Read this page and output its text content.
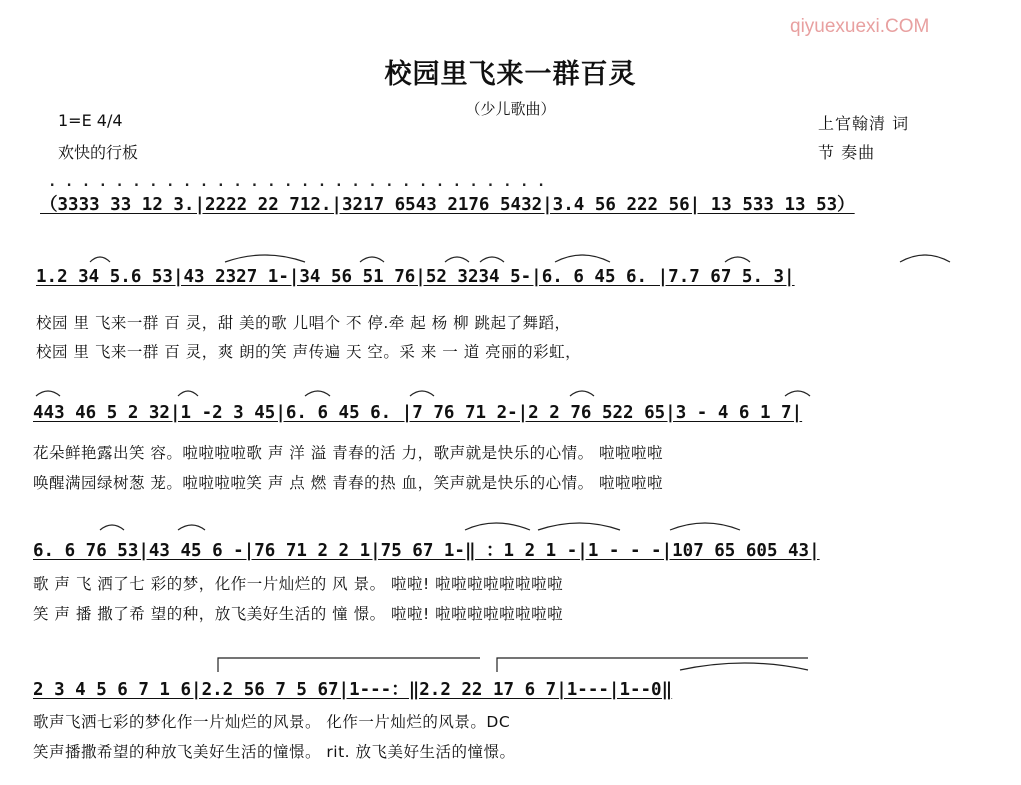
qiyuexuexi.COM
校园里飞来一群百灵
（少儿歌曲）
1=E 4/4
欢快的行板
上官翰清 词
节 奏曲
. . . . . . . . . . . . . . . . . . . . . . . . . . . . . .
（3333 33 12 3.|2222 22 712.|3217 6543 2176 5432|3.4 56 222 56| 13 533 13 53）
1.2 34 5.6 53|43 2327 1-|34 56 51 76|52 3234 5-|6. 6 45 6. |7.7 67 5. 3|
校园 里 飞来一群 百 灵，甜 美的歌 儿唱个 不 停.牵 起 杨 柳 跳起了舞蹈，
校园 里 飞来一群 百 灵，爽 朗的笑 声传遍 天 空。采 来 一 道 亮丽的彩虹，
443 46 5 2 32|1 -2 3 45|6. 6 45 6. |7 76 71 2-|2 2 76 522 65|3 - 4 6 1 7|
花朵鲜艳露出笑 容。啦啦啦啦歌 声 洋 溢 青春的活 力，歌声就是快乐的心情。 啦啦啦啦
唤醒满园绿树葱 茏。啦啦啦啦笑 声 点 燃 青春的热 血，笑声就是快乐的心情。 啦啦啦啦
6. 6 76 53|43 45 6 -|76 71 2 2 1|75 67 1-‖ ：1 2 1 -|1 - - -|107 65 605 43|
歌 声 飞 洒了七 彩的梦，化作一片灿烂的 风 景。 啦啦! 啦啦啦啦啦啦啦啦
笑 声 播 撒了希 望的种，放飞美好生活的 憧 憬。 啦啦! 啦啦啦啦啦啦啦啦
2 3 4 5 6 7 1 6|2.2 56 7 5 67|1---：‖2.2 22 17 6 7|1---|1--0‖
歌声飞洒七彩的梦化作一片灿烂的风景。 化作一片灿烂的风景。DC
笑声播撒希望的种放飞美好生活的憧憬。 rit. 放飞美好生活的憧憬。
